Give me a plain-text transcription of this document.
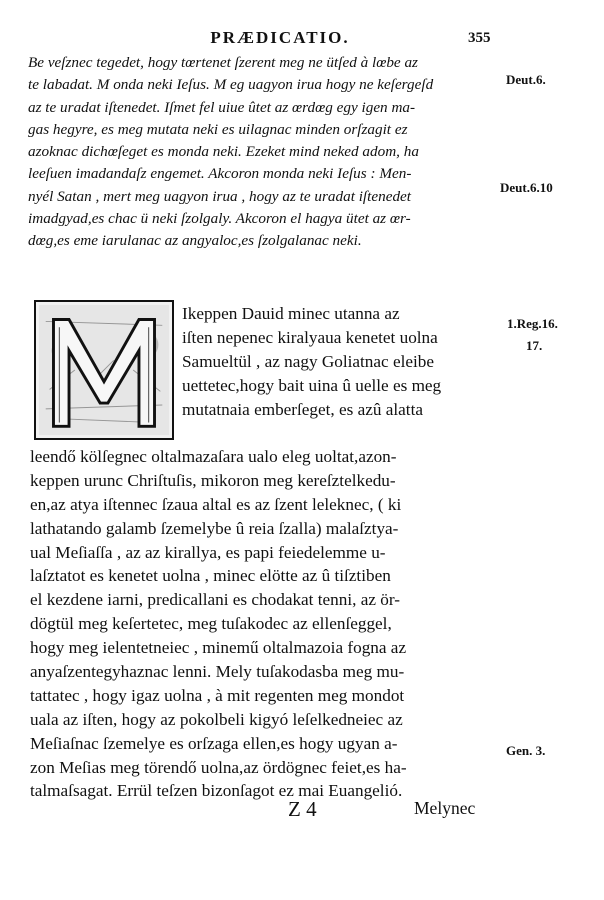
PRÆDICATIO.	355
Be veſznec tegedet, hogy tœrtenet ſzerent meg ne ütſed à lœbe az
te labadat. M onda neki Ieſus. M eg uagyon irua hogy ne keſergeſd
az te uradat iſtenedet. Iſmet fel uiue ûtet az œrdœg egy igen ma-
gas hegyre, es meg mutata neki es uilagnac minden orſzagit ez
azoknac dichœſeget es monda neki. Ezeket mind neked adom, ha
leeſuen imadandaſz engemet. Akcoron monda neki Ieſus : Men-
nyél Satan , mert meg uagyon irua , hogy az te uradat iſtenedet
imadgyad,es chac ü neki ſzolgaly. Akcoron el hagya ütet az œr-
dœg,es eme iarulanac az angyaloc,es ſzolgalanac neki.
Deut.6.
Deut.6.10
1.Reg.16.
17.
Gen. 3.
Ikeppen Dauid minec utanna az
iſten nepenec kiralyaua kenetet uolna
Samueltül , az nagy Goliatnac eleibe
uettetec,hogy bait uina û uelle es meg
mutatnaia emberſeget, es azû alatta
leendő kölſegnec oltalmazaſara ualo eleg uoltat,azon-
keppen urunc Chriſtuſis, mikoron meg kereſztelkedu-
en,az atya iſtennec ſzaua altal es az ſzent leleknec, ( ki
lathatando galamb ſzemelybe û reia ſzalla) malaſztya-
ual Meſiaſſa , az az kirallya, es papi feiedelemme u-
laſztatot es kenetet uolna , minec elötte az û tiſztiben
el kezdene iarni, predicallani es chodakat tenni, az ör-
dögtül meg keſertetec, meg tuſakodec az ellenſeggel,
hogy meg ielentetneiec , minemű oltalmazoia fogna az
anyaſzentegyhaznac lenni. Mely tuſakodasba meg mu-
tattatec , hogy igaz uolna , à mit regenten meg mondot
uala az iſten, hogy az pokolbeli kigyó leſelkedneiec az
Meſiaſnac ſzemelye es orſzaga ellen,es hogy ugyan a-
zon Meſias meg törendő uolna,az ördögnec feiet,es ha-
talmaſsagat. Errül teſzen bizonſagot ez mai Euangelió.
Z 4	Melynec
